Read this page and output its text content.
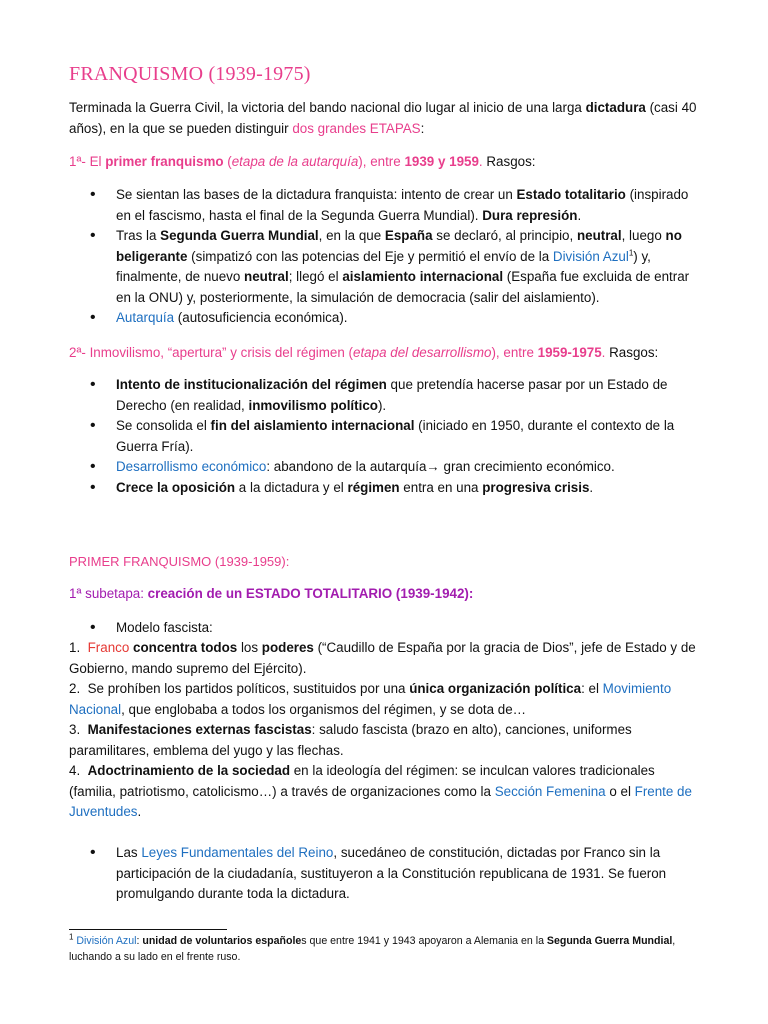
FRANQUISMO (1939-1975)

Terminada la Guerra Civil, la victoria del bando nacional dio lugar al inicio de una larga dictadura (casi 40 años), en la que se pueden distinguir dos grandes ETAPAS:

1ª- El primer franquismo (etapa de la autarquía), entre 1939 y 1959. Rasgos:

• Se sientan las bases de la dictadura franquista: intento de crear un Estado totalitario (inspirado en el fascismo, hasta el final de la Segunda Guerra Mundial). Dura represión.
• Tras la Segunda Guerra Mundial, en la que España se declaró, al principio, neutral, luego no beligerante (simpatizó con las potencias del Eje y permitió el envío de la División Azul$^1$) y, finalmente, de nuevo neutral; llegó el aislamiento internacional (España fue excluida de entrar en la ONU) y, posteriormente, la simulación de democracia (salir del aislamiento).
• Autarquía (autosuficiencia económica).

2ª- Inmovilismo, “apertura” y crisis del régimen (etapa del desarrollismo), entre 1959-1975. Rasgos:

• Intento de institucionalización del régimen que pretendía hacerse pasar por un Estado de Derecho (en realidad, inmovilismo político).
• Se consolida el fin del aislamiento internacional (iniciado en 1950, durante el contexto de la Guerra Fría).
• Desarrollismo económico: abandono de la autarquía→ gran crecimiento económico.
• Crece la oposición a la dictadura y el régimen entra en una progresiva crisis.

PRIMER FRANQUISMO (1939-1959):

1ª subetapa: creación de un ESTADO TOTALITARIO (1939-1942):

• Modelo fascista:
1. Franco concentra todos los poderes (“Caudillo de España por la gracia de Dios”, jefe de Estado y de Gobierno, mando supremo del Ejército).
2. Se prohíben los partidos políticos, sustituidos por una única organización política: el Movimiento Nacional, que englobaba a todos los organismos del régimen, y se dota de…
3. Manifestaciones externas fascistas: saludo fascista (brazo en alto), canciones, uniformes paramilitares, emblema del yugo y las flechas.
4. Adoctrinamiento de la sociedad en la ideología del régimen: se inculcan valores tradicionales (familia, patriotismo, catolicismo…) a través de organizaciones como la Sección Femenina o el Frente de Juventudes.
• Las Leyes Fundamentales del Reino, sucedáneo de constitución, dictadas por Franco sin la participación de la ciudadanía, sustituyeron a la Constitución republicana de 1931. Se fueron promulgando durante toda la dictadura.

$^1$ División Azul: unidad de voluntarios españoles que entre 1941 y 1943 apoyaron a Alemania en la Segunda Guerra Mundial, luchando a su lado en el frente ruso.
